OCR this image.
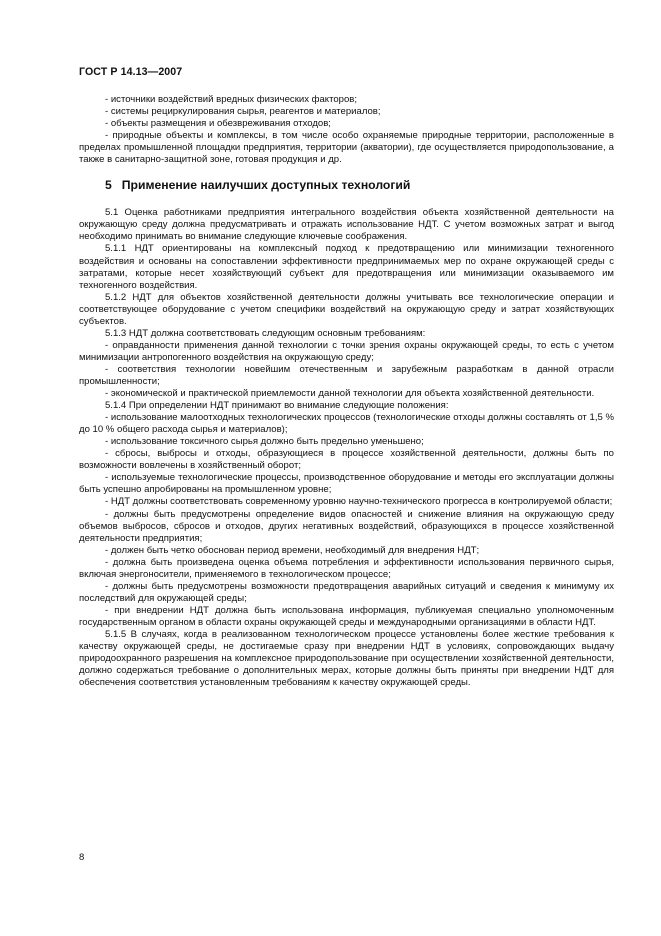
ГОСТ Р 14.13—2007

- источники воздействий вредных физических факторов;

- системы рециркулирования сырья, реагентов и материалов;

- объекты размещения и обезвреживания отходов;

- природные объекты и комплексы, в том числе особо охраняемые природные территории, расположенные в пределах промышленной площадки предприятия, территории (акватории), где осуществляется природопользование, а также в санитарно-защитной зоне, готовая продукция и др.

5 Применение наилучших доступных технологий

5.1 Оценка работниками предприятия интегрального воздействия объекта хозяйственной деятельности на окружающую среду должна предусматривать и отражать использование НДТ. С учетом возможных затрат и выгод необходимо принимать во внимание следующие ключевые соображения.

5.1.1 НДТ ориентированы на комплексный подход к предотвращению или минимизации техногенного воздействия и основаны на сопоставлении эффективности предпринимаемых мер по охране окружающей среды с затратами, которые несет хозяйствующий субъект для предотвращения или минимизации оказываемого им техногенного воздействия.

5.1.2 НДТ для объектов хозяйственной деятельности должны учитывать все технологические операции и соответствующее оборудование с учетом специфики воздействий на окружающую среду и затрат хозяйствующих субъектов.

5.1.3 НДТ должна соответствовать следующим основным требованиям:

- оправданности применения данной технологии с точки зрения охраны окружающей среды, то есть с учетом минимизации антропогенного воздействия на окружающую среду;

- соответствия технологии новейшим отечественным и зарубежным разработкам в данной отрасли промышленности;

- экономической и практической приемлемости данной технологии для объекта хозяйственной деятельности.

5.1.4 При определении НДТ принимают во внимание следующие положения:

- использование малоотходных технологических процессов (технологические отходы должны составлять от 1,5 % до 10 % общего расхода сырья и материалов);

- использование токсичного сырья должно быть предельно уменьшено;

- сбросы, выбросы и отходы, образующиеся в процессе хозяйственной деятельности, должны быть по возможности вовлечены в хозяйственный оборот;

- используемые технологические процессы, производственное оборудование и методы его эксплуатации должны быть успешно апробированы на промышленном уровне;

- НДТ должны соответствовать современному уровню научно-технического прогресса в контролируемой области;

- должны быть предусмотрены определение видов опасностей и снижение влияния на окружающую среду объемов выбросов, сбросов и отходов, других негативных воздействий, образующихся в процессе хозяйственной деятельности предприятия;

- должен быть четко обоснован период времени, необходимый для внедрения НДТ;

- должна быть произведена оценка объема потребления и эффективности использования первичного сырья, включая энергоносители, применяемого в технологическом процессе;

- должны быть предусмотрены возможности предотвращения аварийных ситуаций и сведения к минимуму их последствий для окружающей среды;

- при внедрении НДТ должна быть использована информация, публикуемая специально уполномоченным государственным органом в области охраны окружающей среды и международными организациями в области НДТ.

5.1.5 В случаях, когда в реализованном технологическом процессе установлены более жесткие требования к качеству окружающей среды, не достигаемые сразу при внедрении НДТ в условиях, сопровождающих выдачу природоохранного разрешения на комплексное природопользование при осуществлении хозяйственной деятельности, должно содержаться требование о дополнительных мерах, которые должны быть приняты при внедрении НДТ для обеспечения соответствия установленным требованиям к качеству окружающей среды.

8
